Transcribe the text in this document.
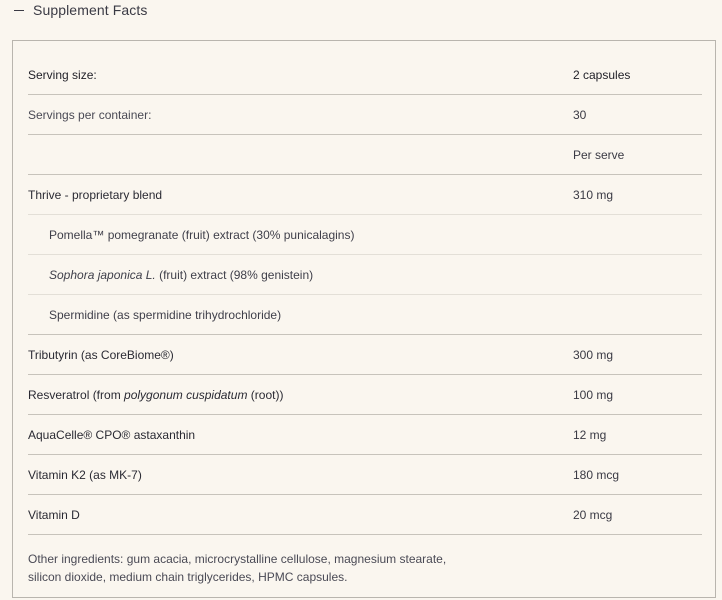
Supplement Facts
Serving size:	2 capsules
Servings per container:	30
Per serve
Thrive - proprietary blend	310 mg
Pomella™ pomegranate (fruit) extract (30% punicalagins)
Sophora japonica L. (fruit) extract (98% genistein)
Spermidine (as spermidine trihydrochloride)
Tributyrin (as CoreBiome®)	300 mg
Resveratrol (from polygonum cuspidatum (root))	100 mg
AquaCelle® CPO® astaxanthin	12 mg
Vitamin K2 (as MK-7)	180 mcg
Vitamin D	20 mcg
Other ingredients: gum acacia, microcrystalline cellulose, magnesium stearate,
silicon dioxide, medium chain triglycerides, HPMC capsules.
